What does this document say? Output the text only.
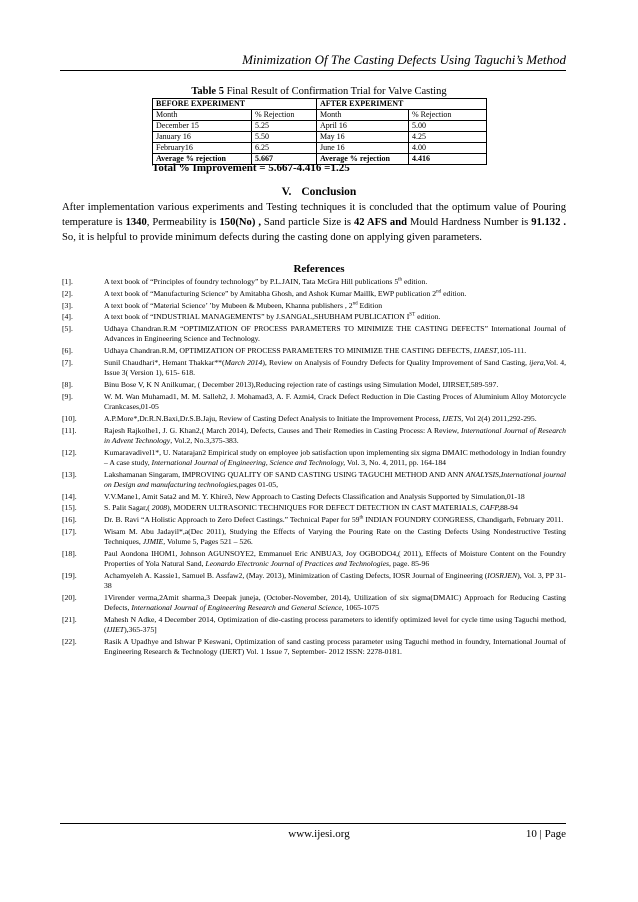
Minimization Of The Casting Defects Using Taguchi’s Method
Table 5 Final Result of Confirmation Trial for Valve Casting
BEFORE EXPERIMENT		AFTER EXPERIMENT	
Month	% Rejection	Month	% Rejection
December 15	5.25	April 16	5.00
January 16	5.50	May 16	4.25
February16	6.25	June 16	4.00
Average % rejection	5.667	Average % rejection	4.416
Total % Improvement = 5.667-4.416 =1.25
V. Conclusion
After implementation various experiments and Testing techniques it is concluded that the optimum value of Pouring temperature is 1340, Permeability is 150(No) , Sand particle Size is 42 AFS and Mould Hardness Number is 91.132 . So, it is helpful to provide minimum defects during the casting done on applying given parameters.
References
[1].	A text book of “Principles of foundry technology” by P.L.JAIN, Tata McGra Hill publications 5th edition.
[2].	A text book of “Manufacturing Science” by Amitabha Ghosh, and Ashok Kumar Maillk, EWP publication 2nd edition.
[3].	A text book of “Material Science’ ’by Mubeen & Mubeen, Khanna publishers , 2nd Edition
[4].	A text book of “INDUSTRIAL MANAGEMENTS” by J.SANGAL,SHUBHAM PUBLICATION IST edition.
[5].	Udhaya Chandran.R.M “OPTIMIZATION OF PROCESS PARAMETERS TO MINIMIZE THE CASTING DEFECTS” International Journal of Advances in Engineering Science and Technology.
[6].	Udhaya Chandran.R.M, OPTIMIZATION OF PROCESS PARAMETERS TO MINIMIZE THE CASTING DEFECTS, IJAEST,105-111.
[7].	Sunil Chaudhari*, Hemant Thakkar**(March 2014), Review on Analysis of Foundry Defects for Quality Improvement of Sand Casting, ijera,Vol. 4, Issue 3( Version 1), 615- 618.
[8].	Binu Bose V, K N Anilkumar, ( December 2013),Reducing rejection rate of castings using Simulation Model, IJIRSET,589-597.
[9].	W. M. Wan Muhamad1, M. M. Salleh2, J. Mohamad3, A. F. Azmi4, Crack Defect Reduction in Die Casting Proces of Aluminium Alloy Motorcycle Crankcases,01-05
[10].	A.P.More*,Dr.R.N.Baxi,Dr.S.B.Jaju, Review of Casting Defect Analysis to Initiate the Improvement Process, IJETS, Vol 2(4) 2011,292-295.
[11].	Rajesh Rajkolhe1, J. G. Khan2,( March 2014), Defects, Causes and Their Remedies in Casting Process: A Review, International Journal of Research in Advent Technology, Vol.2, No.3,375-383.
[12].	Kumaravadivel1*, U. Natarajan2 Empirical study on employee job satisfaction upon implementing six sigma DMAIC methodology in Indian foundry – A case study, International Journal of Engineering, Science and Technology, Vol. 3, No. 4, 2011, pp. 164-184
[13].	Lakshamanan Singaram, IMPROVING QUALITY OF SAND CASTING USING TAGUCHI METHOD AND ANN ANALYSIS,International journal on Design and manufacturing technologies,pages 01-05,
[14].	V.V.Mane1, Amit Sata2 and M. Y. Khire3, New Approach to Casting Defects Classification and Analysis Supported by Simulation,01-18
[15].	S. Palit Sagar,( 2008), MODERN ULTRASONIC TECHNIQUES FOR DEFECT DETECTION IN CAST MATERIALS, CAFP,88-94
[16].	Dr. B. Ravi “A Holistic Approach to Zero Defect Castings.” Technical Paper for 59th INDIAN FOUNDRY CONGRESS, Chandigarh, February 2011.
[17].	Wisam M. Abu Jadayil*,a(Dec 2011), Studying the Effects of Varying the Pouring Rate on the Casting Defects Using Nondestructive Testing Techniques, JJMIE, Volume 5, Pages 521 – 526.
[18].	Paul Aondona IHOM1, Johnson AGUNSOYE2, Emmanuel Eric ANBUA3, Joy OGBODO4,( 2011), Effects of Moisture Content on the Foundry Properties of Yola Natural Sand, Leonardo Electronic Journal of Practices and Technologies, page. 85-96
[19].	Achamyeleh A. Kassie1, Samuel B. Assfaw2, (May. 2013), Minimization of Casting Defects, IOSR Journal of Engineering (IOSRJEN), Vol. 3, PP 31-38
[20].	1Virender verma,2Amit sharma,3 Deepak juneja, (October-November, 2014), Utilization of six sigma(DMAIC) Approach for Reducing Casting Defects, International Journal of Engineering Research and General Science, 1065-1075
[21].	Mahesh N Adke, 4 December 2014, Optimization of die-casting process parameters to identify optimized level for cycle time using Taguchi method, (IJIET),365-375]
[22].	Rasik A Upadhye and Ishwar P Keswani, Optimization of sand casting process parameter using Taguchi method in foundry, International Journal of Engineering Research & Technology (IJERT) Vol. 1 Issue 7, September- 2012 ISSN: 2278-0181.
www.ijesi.org	10 | Page
